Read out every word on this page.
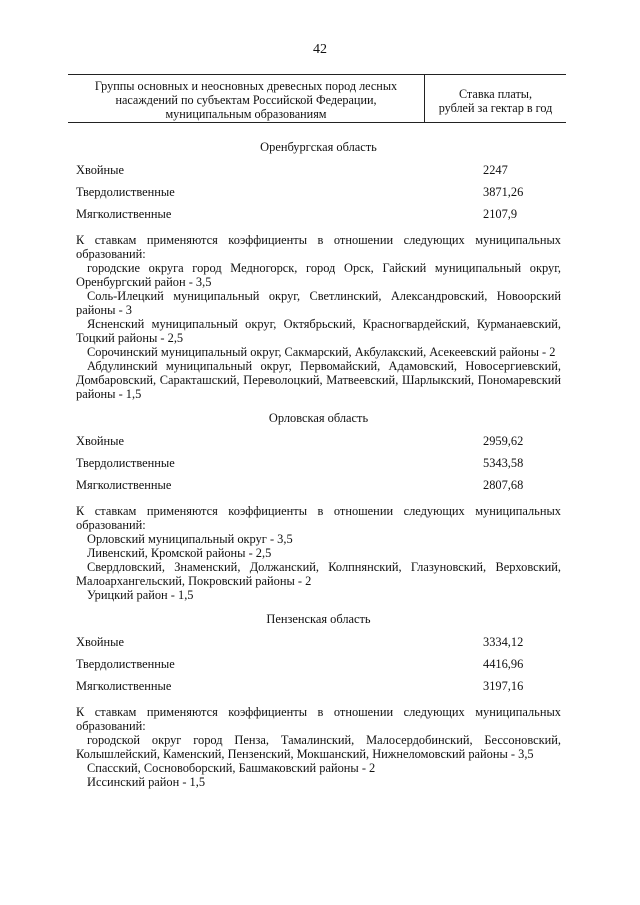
42
Группы основных и неосновных древесных пород лесных
насаждений по субъектам Российской Федерации,
муниципальным образованиям
Ставка платы,
рублей за гектар в год
Оренбургская область
Хвойные	2247
Твердолиственные	3871,26
Мягколиственные	2107,9
К ставкам применяются коэффициенты в отношении следующих муниципальных образований:
городские округа город Медногорск, город Орск, Гайский муниципальный округ, Оренбургский район - 3,5
Соль-Илецкий муниципальный округ, Светлинский, Александровский, Новоорский районы - 3
Ясненский муниципальный округ, Октябрьский, Красногвардейский, Курманаевский, Тоцкий районы - 2,5
Сорочинский муниципальный округ, Сакмарский, Акбулакский, Асекеевский районы - 2
Абдулинский муниципальный округ, Первомайский, Адамовский, Новосергиевский, Домбаровский, Саракташский, Переволоцкий, Матвеевский, Шарлыкский, Пономаревский районы - 1,5
Орловская область
Хвойные	2959,62
Твердолиственные	5343,58
Мягколиственные	2807,68
К ставкам применяются коэффициенты в отношении следующих муниципальных образований:
Орловский муниципальный округ - 3,5
Ливенский, Кромской районы - 2,5
Свердловский, Знаменский, Должанский, Колпнянский, Глазуновский, Верховский, Малоархангельский, Покровский районы - 2
Урицкий район - 1,5
Пензенская область
Хвойные	3334,12
Твердолиственные	4416,96
Мягколиственные	3197,16
К ставкам применяются коэффициенты в отношении следующих муниципальных образований:
городской округ город Пенза, Тамалинский, Малосердобинский, Бессоновский, Колышлейский, Каменский, Пензенский, Мокшанский, Нижнеломовский районы - 3,5
Спасский, Сосновоборский, Башмаковский районы - 2
Иссинский район - 1,5
